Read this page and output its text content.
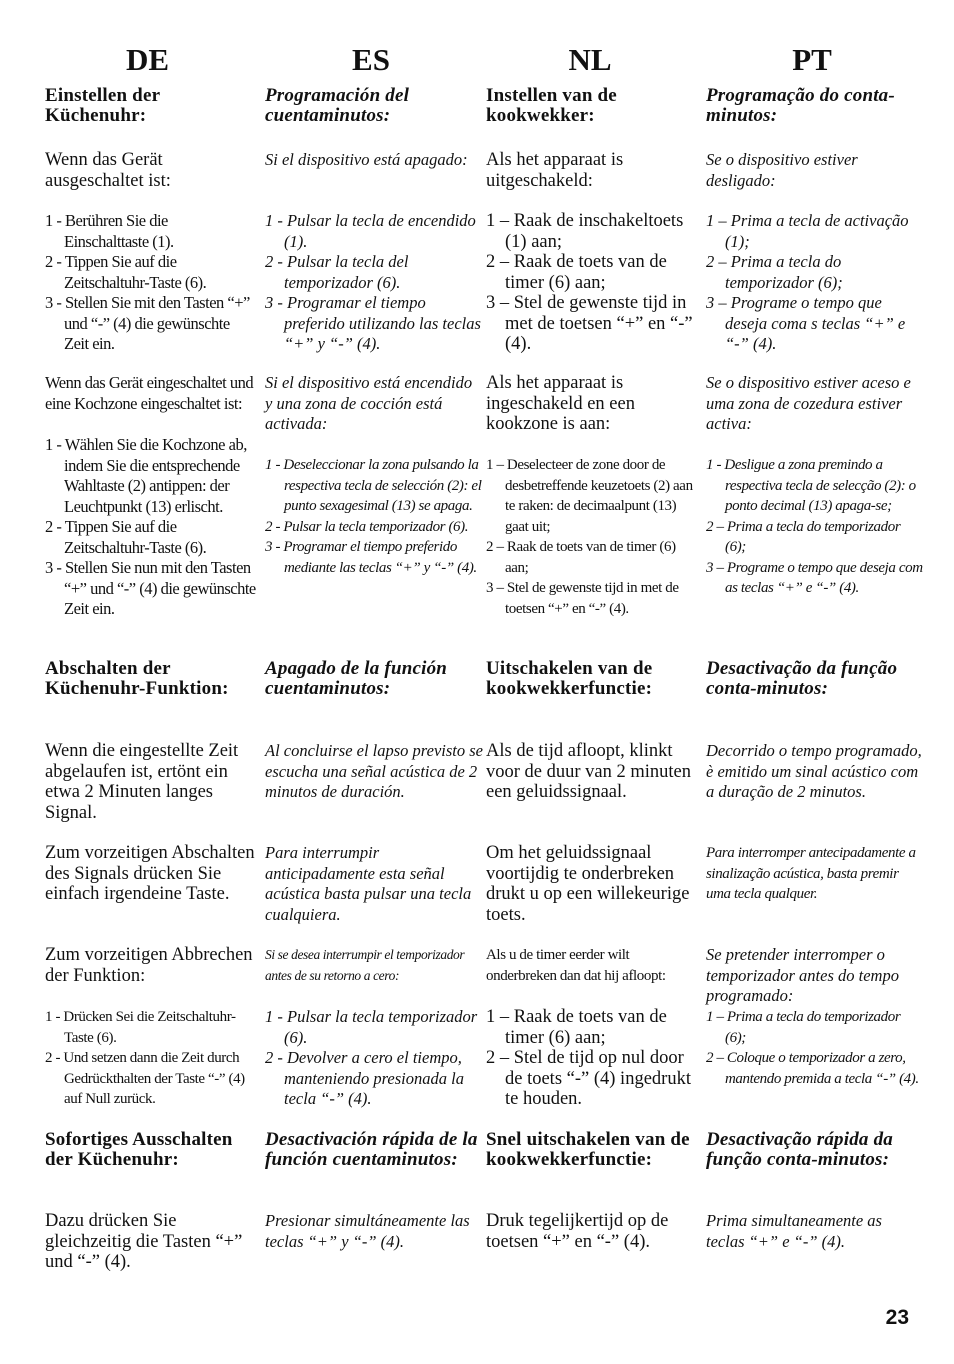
DE
Einstellen der Küchenuhr:
Wenn das Gerät ausgeschaltet ist:
1 - Berühren Sie die Einschalttaste (1).
2 - Tippen Sie auf die Zeitschaltuhr-Taste (6).
3 - Stellen Sie mit den Tasten “+” und “-” (4) die gewünschte Zeit ein.
Wenn das Gerät eingeschaltet und eine Kochzone eingeschaltet ist:
1 - Wählen Sie die Kochzone ab, indem Sie die entsprechende Wahltaste (2) antippen: der Leuchtpunkt (13) erlischt.
2 - Tippen Sie auf die Zeitschaltuhr-Taste (6).
3 - Stellen Sie nun mit den Tasten “+” und “-” (4) die gewünschte Zeit ein.
Abschalten der Küchenuhr-Funktion:
Wenn die eingestellte Zeit abgelaufen ist, ertönt ein etwa 2 Minuten langes Signal.
Zum vorzeitigen Abschalten des Signals drücken Sie einfach irgendeine Taste.
Zum vorzeitigen Abbrechen der Funktion:
1 - Drücken Sei die Zeitschaltuhr-Taste (6).
2 - Und setzen dann die Zeit durch Gedrückthalten der Taste “-” (4) auf Null zurück.
Sofortiges Ausschalten der Küchenuhr:
Dazu drücken Sie gleichzeitig die Tasten “+” und “-” (4).
ES
Programación del cuentaminutos:
Si el dispositivo está apagado:
1 - Pulsar la tecla de encendido (1).
2 - Pulsar la tecla del temporizador (6).
3 - Programar el tiempo preferido utilizando las teclas “+” y “-” (4).
Si el dispositivo está encendido y una zona de cocción está activada:
1 - Deseleccionar la zona pulsando la respectiva tecla de selección (2): el punto sexagesimal (13) se apaga.
2 - Pulsar la tecla temporizador (6).
3 - Programar el tiempo preferido mediante las teclas “+” y “-” (4).
Apagado de la función cuentaminutos:
Al concluirse el lapso previsto se escucha una señal acústica de 2 minutos de duración.
Para interrumpir anticipadamente esta señal acústica basta pulsar una tecla cualquiera.
Si se desea interrumpir el temporizador antes de su retorno a cero:
1 - Pulsar la tecla temporizador (6).
2 - Devolver a cero el tiempo, manteniendo presionada la tecla “-” (4).
Desactivación rápida de la función cuentaminutos:
Presionar simultáneamente las teclas “+” y “-” (4).
NL
Instellen van de kookwekker:
Als het apparaat is uitgeschakeld:
1 – Raak de inschakeltoets (1) aan;
2 – Raak de toets van de timer (6) aan;
3 – Stel de gewenste tijd in met de toetsen “+” en “-” (4).
Als het apparaat is ingeschakeld en een kookzone is aan:
1 – Deselecteer de zone door de desbetreffende keuzetoets (2) aan te raken: de decimaalpunt (13) gaat uit;
2 – Raak de toets van de timer (6) aan;
3 – Stel de gewenste tijd in met de toetsen “+” en “-” (4).
Uitschakelen van de kookwekkerfunctie:
Als de tijd afloopt, klinkt voor de duur van 2 minuten een geluidssignaal.
Om het geluidssignaal voortijdig te onderbreken drukt u op een willekeurige toets.
Als u de timer eerder wilt onderbreken dan dat hij afloopt:
1 – Raak de toets van de timer (6) aan;
2 – Stel de tijd op nul door de toets “-” (4) ingedrukt te houden.
Snel uitschakelen van de kookwekkerfunctie:
Druk tegelijkertijd op de toetsen “+” en “-” (4).
PT
Programação do conta-minutos:
Se o dispositivo estiver desligado:
1 – Prima a tecla de activação (1);
2 – Prima a tecla do temporizador (6);
3 – Programe o tempo que deseja coma s teclas “+” e “-” (4).
Se o dispositivo estiver aceso e uma zona de cozedura estiver activa:
1 - Desligue a zona premindo a respectiva tecla de selecção (2): o ponto decimal (13) apaga-se;
2 – Prima a tecla do temporizador (6);
3 – Programe o tempo que deseja com as teclas “+” e “-” (4).
Desactivação da função conta-minutos:
Decorrido o tempo programado, è emitido um sinal acústico com a duração de 2 minutos.
Para interromper antecipadamente a sinalização acústica, basta premir uma tecla qualquer.
Se pretender interromper o temporizador antes do tempo programado:
1 – Prima a tecla do temporizador (6);
2 – Coloque o temporizador a zero, mantendo premida a tecla “-” (4).
Desactivação rápida da função conta-minutos:
Prima simultaneamente as teclas “+” e “-” (4).
23
